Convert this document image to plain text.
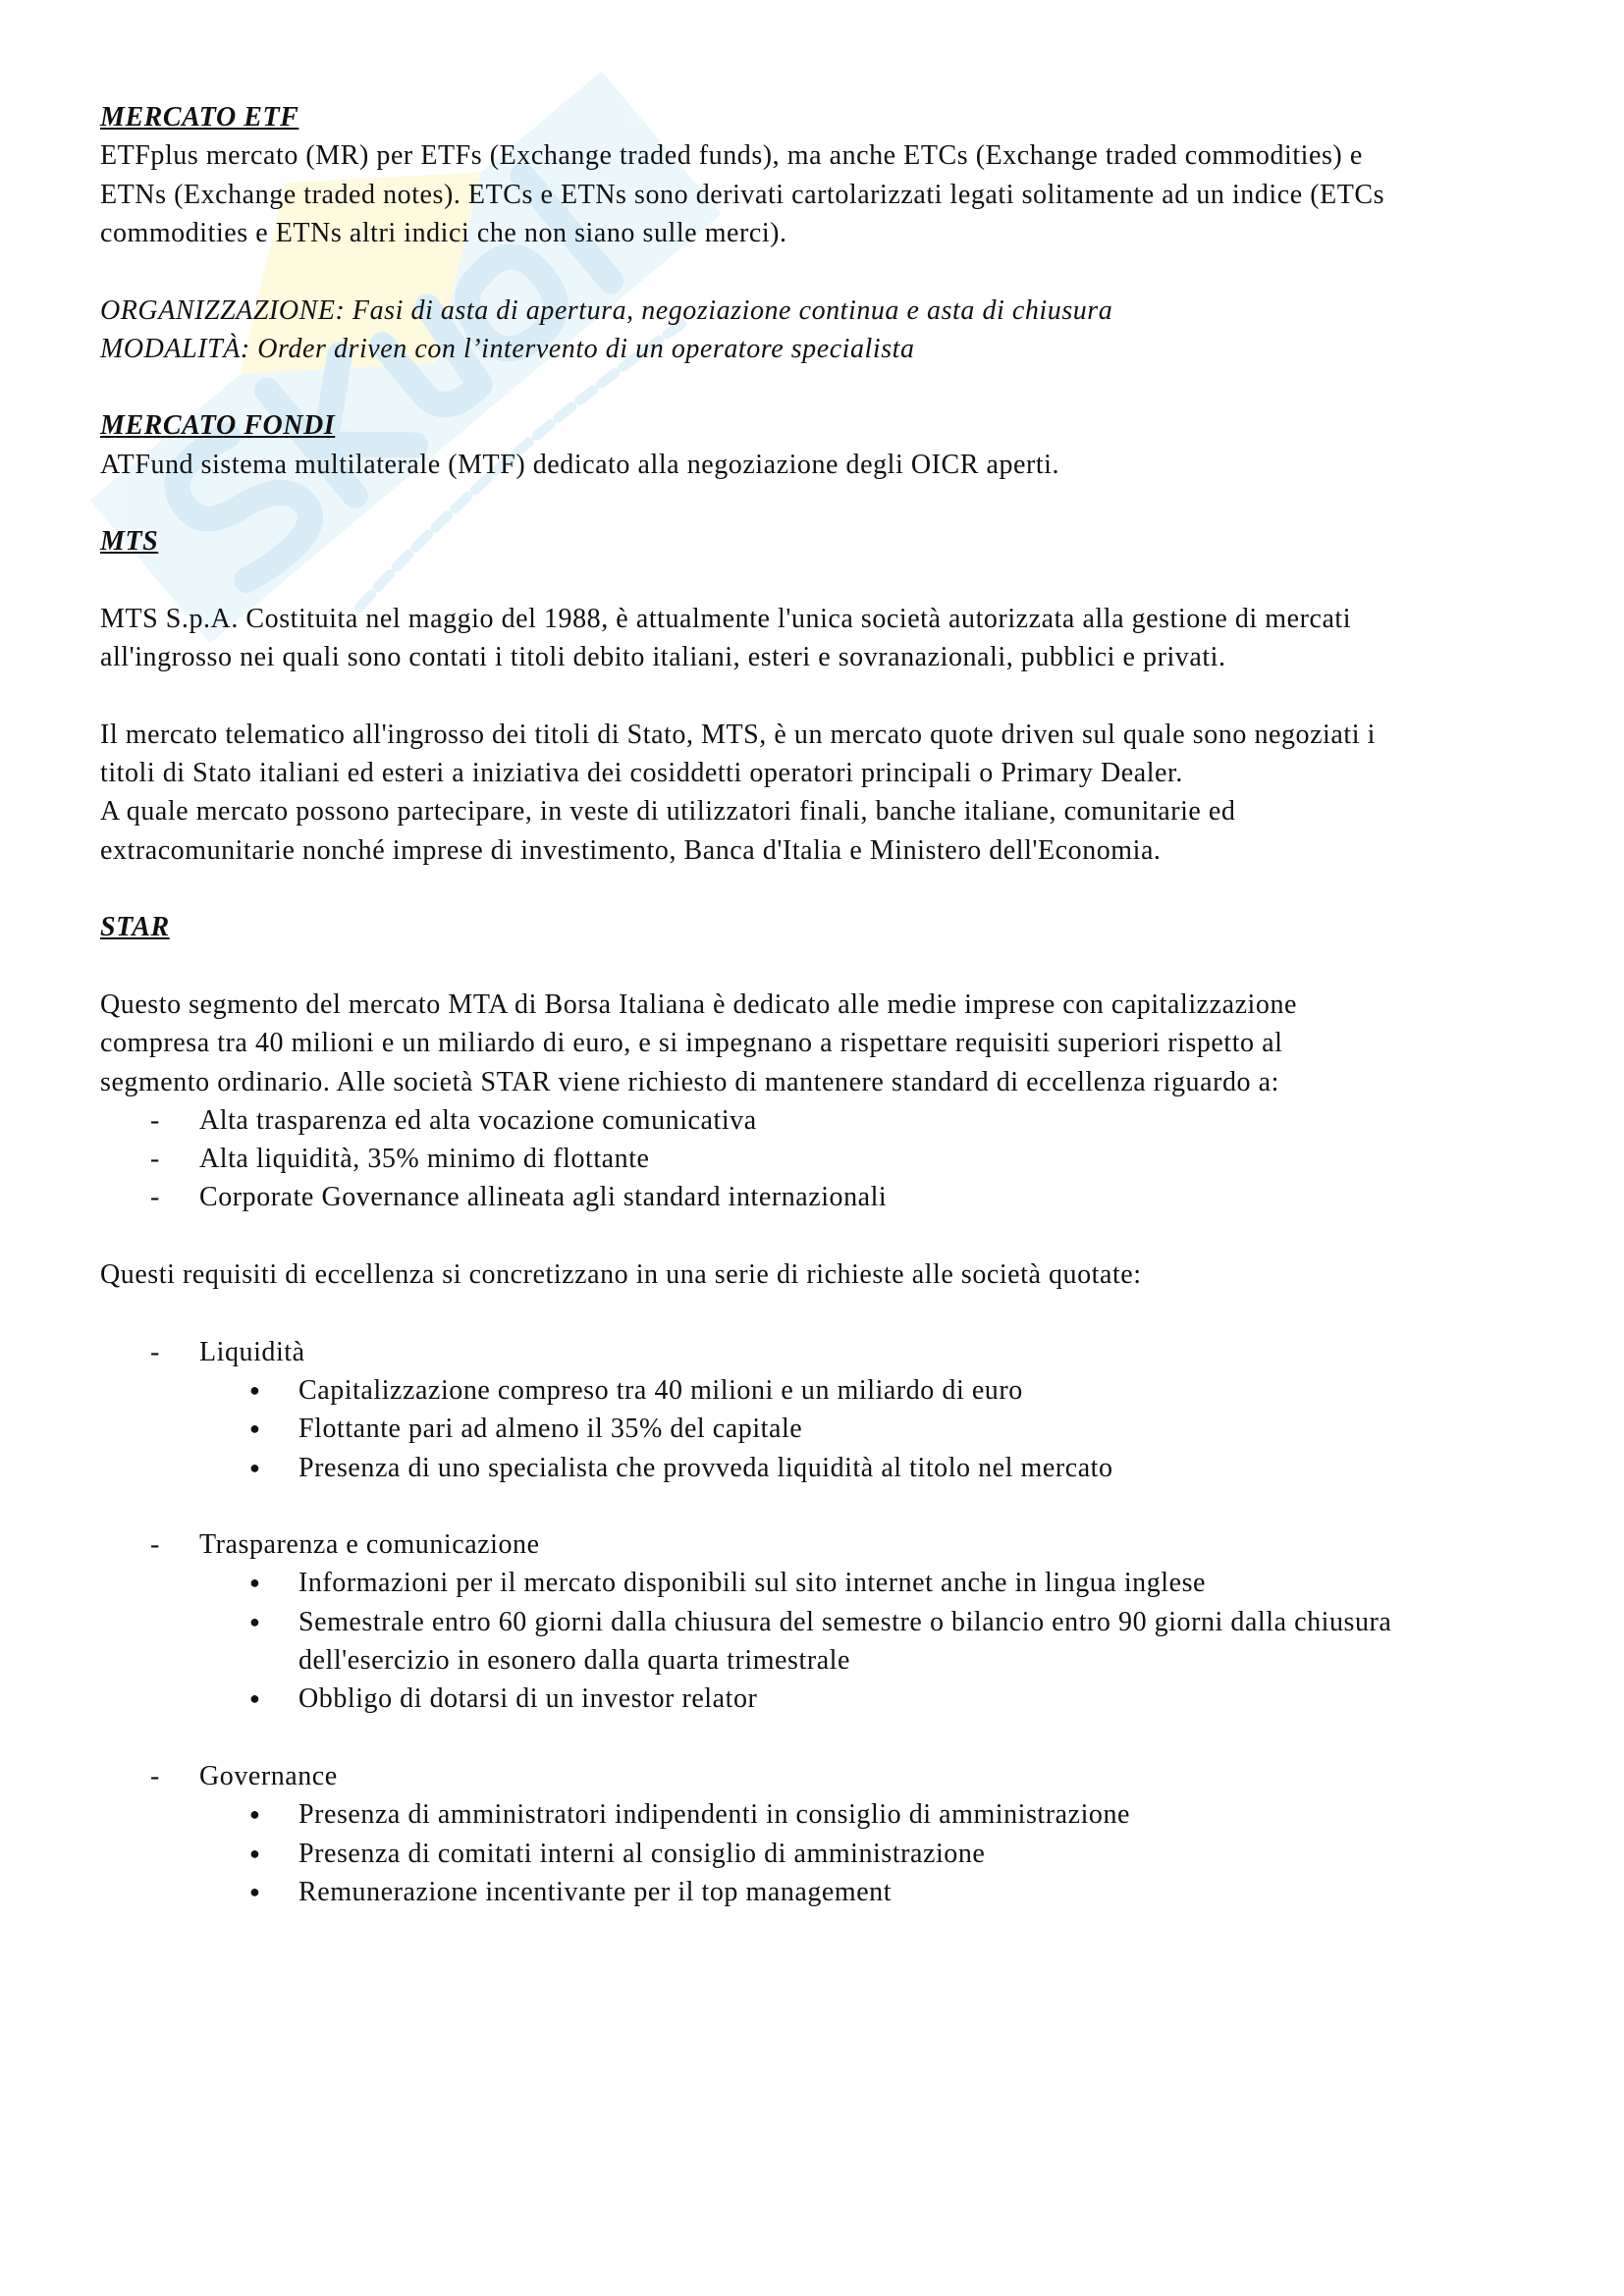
MERCATO ETF
ETFplus mercato (MR) per ETFs (Exchange traded funds), ma anche ETCs (Exchange traded commodities) e
ETNs (Exchange traded notes). ETCs e ETNs sono derivati cartolarizzati legati solitamente ad un indice (ETCs
commodities e ETNs altri indici che non siano sulle merci).
ORGANIZZAZIONE: Fasi di asta di apertura, negoziazione continua e asta di chiusura
MODALITÀ: Order driven con l’intervento di un operatore specialista
MERCATO FONDI
ATFund sistema multilaterale (MTF) dedicato alla negoziazione degli OICR aperti.
MTS
MTS S.p.A. Costituita nel maggio del 1988, è attualmente l'unica società autorizzata alla gestione di mercati
all'ingrosso nei quali sono contati i titoli debito italiani, esteri e sovranazionali, pubblici e privati.
Il mercato telematico all'ingrosso dei titoli di Stato, MTS, è un mercato quote driven sul quale sono negoziati i
titoli di Stato italiani ed esteri a iniziativa dei cosiddetti operatori principali o Primary Dealer.
A quale mercato possono partecipare, in veste di utilizzatori finali, banche italiane, comunitarie ed
extracomunitarie nonché imprese di investimento, Banca d'Italia e Ministero dell'Economia.
STAR
Questo segmento del mercato MTA di Borsa Italiana è dedicato alle medie imprese con capitalizzazione
compresa tra 40 milioni e un miliardo di euro, e si impegnano a rispettare requisiti superiori rispetto al
segmento ordinario. Alle società STAR viene richiesto di mantenere standard di eccellenza riguardo a:
- Alta trasparenza ed alta vocazione comunicativa
- Alta liquidità, 35% minimo di flottante
- Corporate Governance allineata agli standard internazionali
Questi requisiti di eccellenza si concretizzano in una serie di richieste alle società quotate:
- Liquidità
● Capitalizzazione compreso tra 40 milioni e un miliardo di euro
● Flottante pari ad almeno il 35% del capitale
● Presenza di uno specialista che provveda liquidità al titolo nel mercato
- Trasparenza e comunicazione
● Informazioni per il mercato disponibili sul sito internet anche in lingua inglese
● Semestrale entro 60 giorni dalla chiusura del semestre o bilancio entro 90 giorni dalla chiusura
dell'esercizio in esonero dalla quarta trimestrale
● Obbligo di dotarsi di un investor relator
- Governance
● Presenza di amministratori indipendenti in consiglio di amministrazione
● Presenza di comitati interni al consiglio di amministrazione
● Remunerazione incentivante per il top management
